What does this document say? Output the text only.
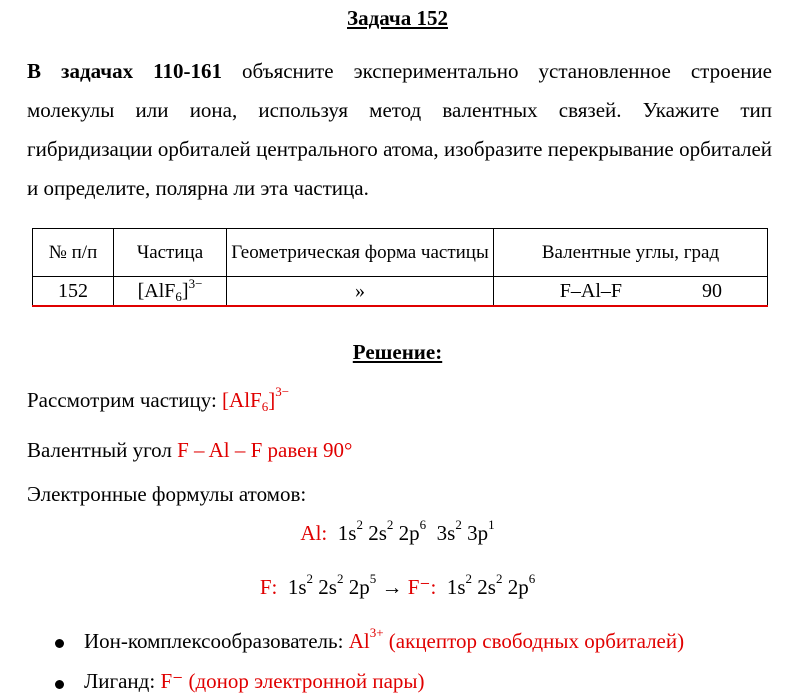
Задача 152
В задачах 110-161 объясните экспериментально установленное строение молекулы или иона, используя метод валентных связей. Укажите тип гибридизации орбиталей центрального атома, изобразите перекрывание орбиталей и определите, полярна ли эта частица.
№ п/п	Частица	Геометрическая форма частицы	Валентные углы, град
152	$[AlF_6]^{3-}$	»	F–Al–F 90
Решение:
Рассмотрим частицу: $[AlF_6]^{3-}$
Валентный угол F – Al – F равен 90°
Электронные формулы атомов:
Al:  $1s^2$ $2s^2$ $2p^6$  $3s^2$ $3p^1$
F:  $1s^2$ $2s^2$ $2p^5 \to F^-$:  $1s^2$ $2s^2$ $2p^6$
Ион-комплексообразователь: $Al^{3+}$ (акцептор свободных орбиталей)
Лиганд: F⁻ (донор электронной пары)
